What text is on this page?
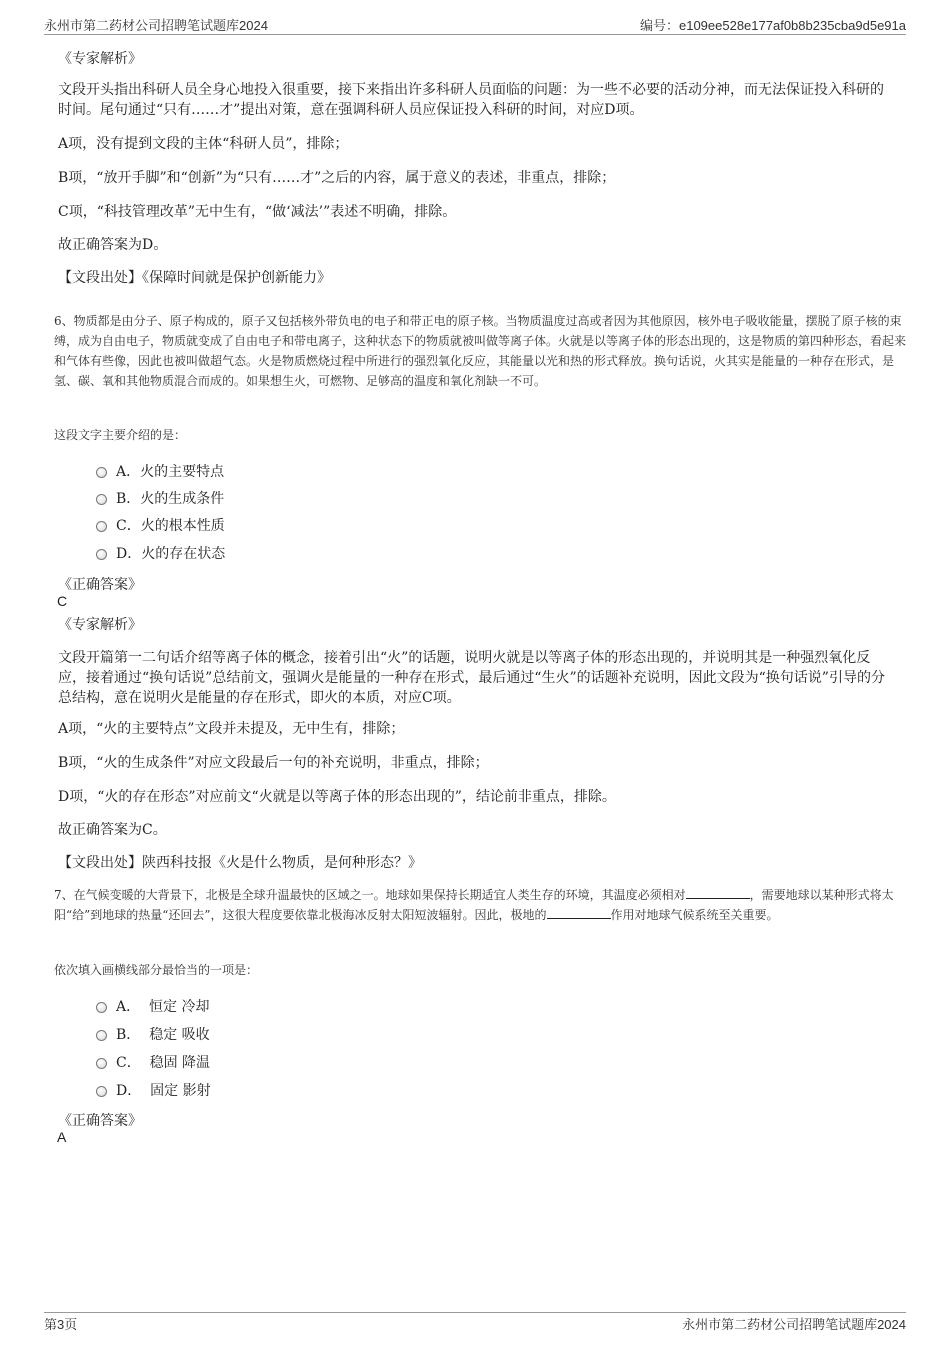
永州市第二药材公司招聘笔试题库2024	编号：e109ee528e177af0b8b235cba9d5e91a
《专家解析》
文段开头指出科研人员全身心地投入很重要，接下来指出许多科研人员面临的问题：为一些不必要的活动分神，而无法保证投入科研的时间。尾句通过“只有……才”提出对策，意在强调科研人员应保证投入科研的时间，对应D项。
A项，没有提到文段的主体“科研人员”，排除；
B项，“放开手脚”和“创新”为“只有……才”之后的内容，属于意义的表述，非重点，排除；
C项，“科技管理改革”无中生有，“做‘减法’”表述不明确，排除。
故正确答案为D。
【文段出处】《保障时间就是保护创新能力》
6、物质都是由分子、原子构成的，原子又包括核外带负电的电子和带正电的原子核。当物质温度过高或者因为其他原因，核外电子吸收能量，摆脱了原子核的束缚，成为自由电子，物质就变成了自由电子和带电离子，这种状态下的物质就被叫做等离子体。火就是以等离子体的形态出现的，这是物质的第四种形态，看起来和气体有些像，因此也被叫做超气态。火是物质燃烧过程中所进行的强烈氧化反应，其能量以光和热的形式释放。换句话说，火其实是能量的一种存在形式，是氢、碳、氧和其他物质混合而成的。如果想生火，可燃物、足够高的温度和氧化剂缺一不可。
这段文字主要介绍的是：
A．火的主要特点
B．火的生成条件
C．火的根本性质
D．火的存在状态
《正确答案》
C
《专家解析》
文段开篇第一二句话介绍等离子体的概念，接着引出“火”的话题，说明火就是以等离子体的形态出现的，并说明其是一种强烈氧化反应，接着通过“换句话说”总结前文，强调火是能量的一种存在形式，最后通过“生火”的话题补充说明，因此文段为“换句话说”引导的分总结构，意在说明火是能量的存在形式，即火的本质，对应C项。
A项，“火的主要特点”文段并未提及，无中生有，排除；
B项，“火的生成条件”对应文段最后一句的补充说明，非重点，排除；
D项，“火的存在形态”对应前文“火就是以等离子体的形态出现的”，结论前非重点，排除。
故正确答案为C。
【文段出处】陕西科技报《火是什么物质，是何种形态？》
7、在气候变暖的大背景下，北极是全球升温最快的区域之一。地球如果保持长期适宜人类生存的环境，其温度必须相对	，需要地球以某种形式将太阳“给”到地球的热量“还回去”，这很大程度要依靠北极海冰反射太阳短波辐射。因此，极地的	作用对地球气候系统至关重要。
依次填入画横线部分最恰当的一项是：
A．  恒定 冷却
B．  稳定 吸收
C．  稳固 降温
D．  固定 影射
《正确答案》
A
第3页	永州市第二药材公司招聘笔试题库2024
